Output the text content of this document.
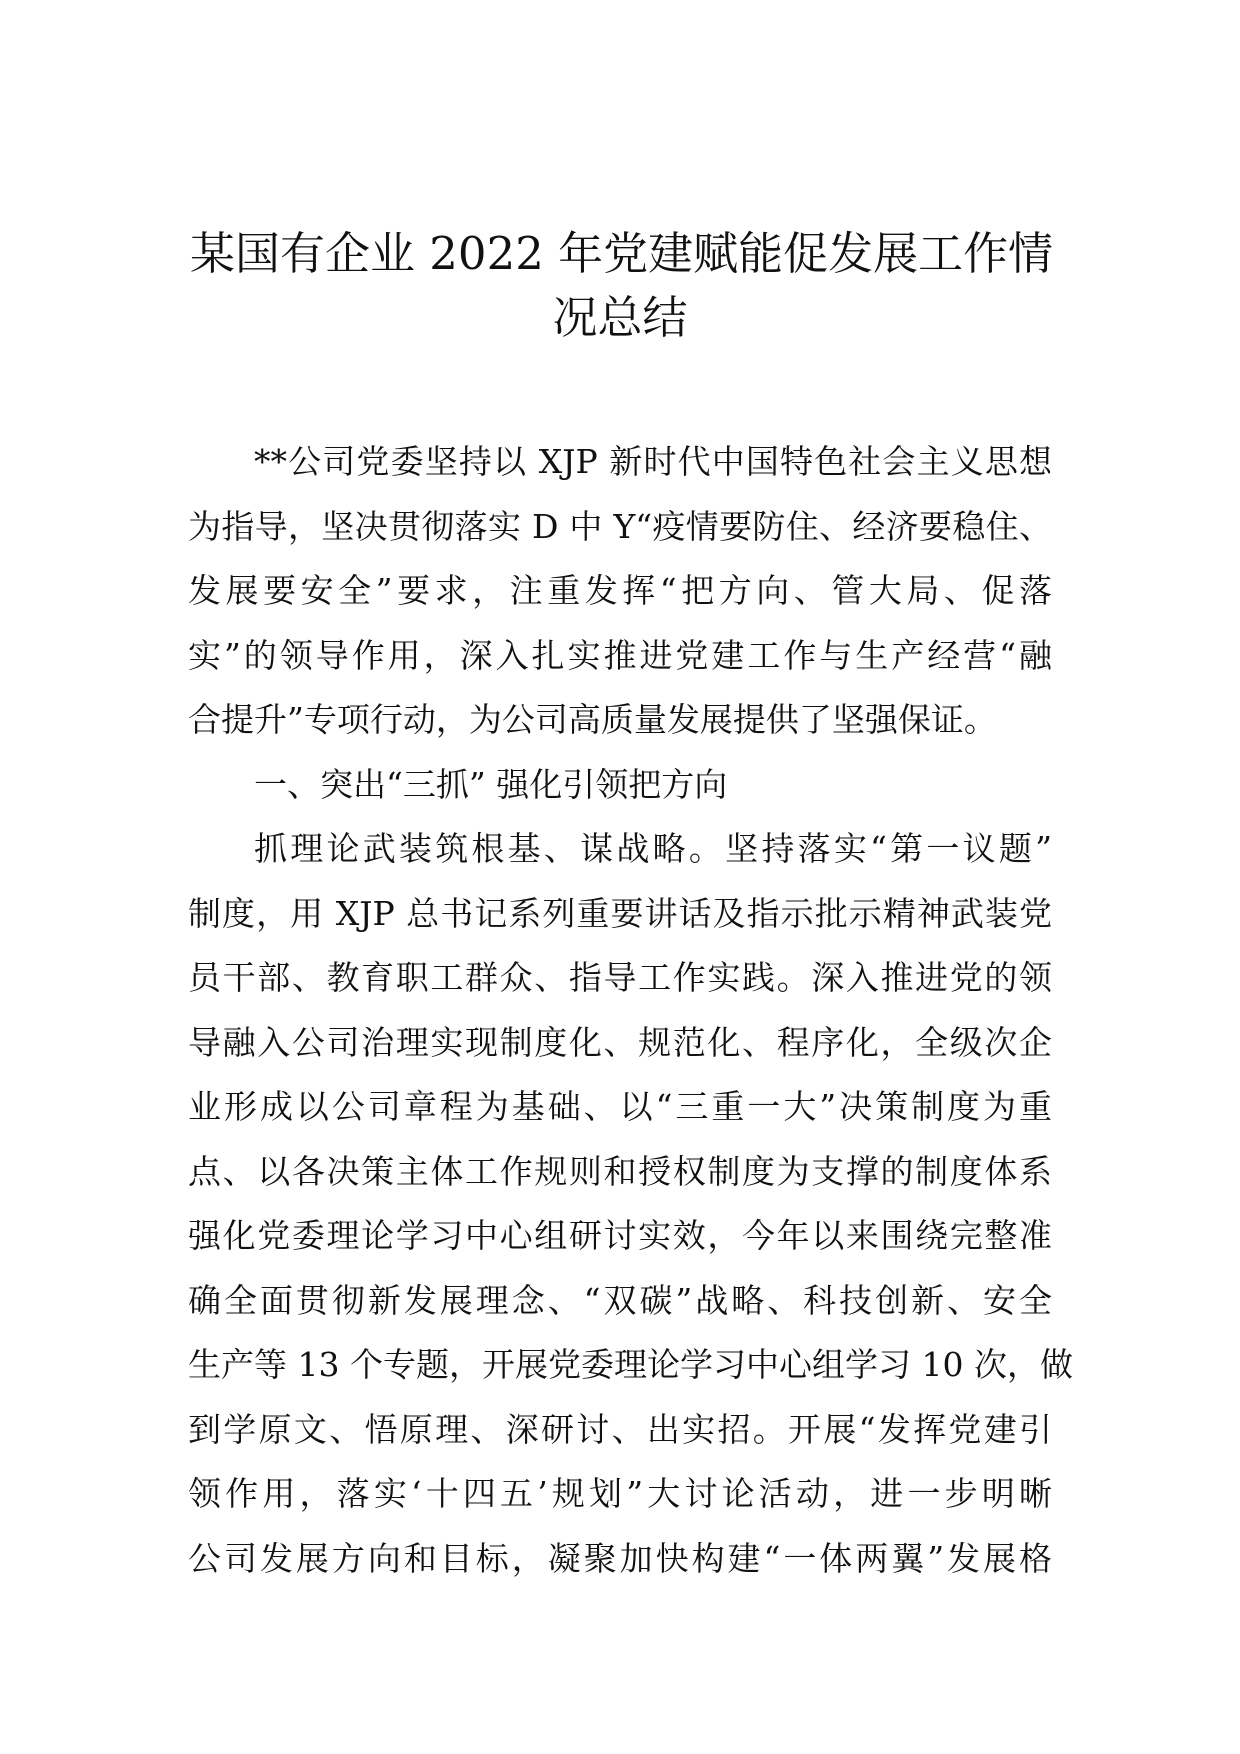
某国有企业 2022 年党建赋能促发展工作情
况总结
**公司党委坚持以 XJP 新时代中国特色社会主义思想
为指导，坚决贯彻落实 D 中 Y“疫情要防住、经济要稳住、
发展要安全”要求，注重发挥“把方向、管大局、促落
实”的领导作用，深入扎实推进党建工作与生产经营“融
合提升”专项行动，为公司高质量发展提供了坚强保证。
一、突出“三抓” 强化引领把方向
抓理论武装筑根基、谋战略。坚持落实“第一议题”
制度，用 XJP 总书记系列重要讲话及指示批示精神武装党
员干部、教育职工群众、指导工作实践。深入推进党的领
导融入公司治理实现制度化、规范化、程序化，全级次企
业形成以公司章程为基础、以“三重一大”决策制度为重
点、以各决策主体工作规则和授权制度为支撑的制度体系
强化党委理论学习中心组研讨实效，今年以来围绕完整准
确全面贯彻新发展理念、“双碳”战略、科技创新、安全
生产等 13 个专题，开展党委理论学习中心组学习 10 次，做
到学原文、悟原理、深研讨、出实招。开展“发挥党建引
领作用，落实‘十四五’规划”大讨论活动，进一步明晰
公司发展方向和目标，凝聚加快构建“一体两翼”发展格
